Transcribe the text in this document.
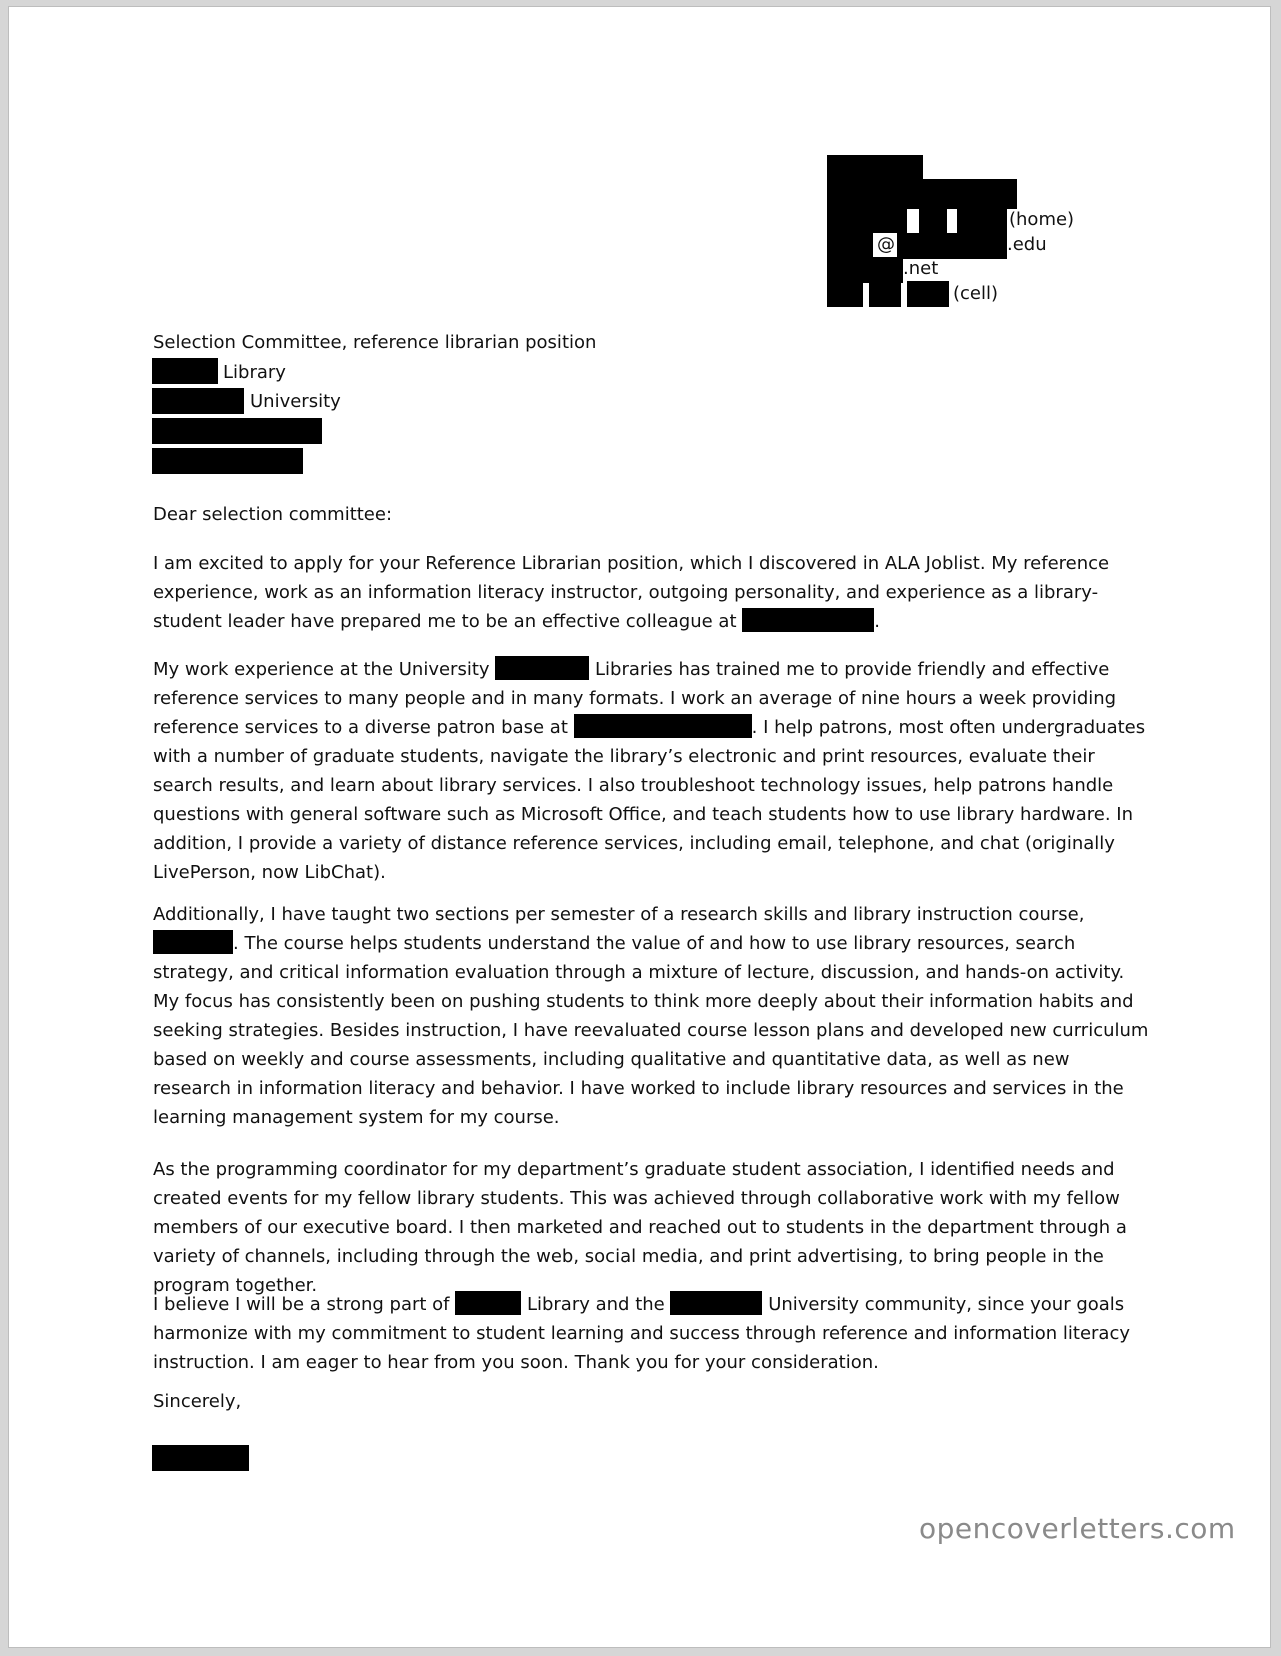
(home)
@	.edu
.net
(cell)
Selection Committee, reference librarian position
Library
University
Dear selection committee:
I am excited to apply for your Reference Librarian position, which I discovered in ALA Joblist. My reference experience, work as an information literacy instructor, outgoing personality, and experience as a library-student leader have prepared me to be an effective colleague at	.
My work experience at the University	Libraries has trained me to provide friendly and effective reference services to many people and in many formats. I work an average of nine hours a week providing reference services to a diverse patron base at	. I help patrons, most often undergraduates with a number of graduate students, navigate the library’s electronic and print resources, evaluate their search results, and learn about library services. I also troubleshoot technology issues, help patrons handle questions with general software such as Microsoft Office, and teach students how to use library hardware. In addition, I provide a variety of distance reference services, including email, telephone, and chat (originally LivePerson, now LibChat).
Additionally, I have taught two sections per semester of a research skills and library instruction course, . The course helps students understand the value of and how to use library resources, search strategy, and critical information evaluation through a mixture of lecture, discussion, and hands-on activity. My focus has consistently been on pushing students to think more deeply about their information habits and seeking strategies. Besides instruction, I have reevaluated course lesson plans and developed new curriculum based on weekly and course assessments, including qualitative and quantitative data, as well as new research in information literacy and behavior. I have worked to include library resources and services in the learning management system for my course.
As the programming coordinator for my department’s graduate student association, I identified needs and created events for my fellow library students. This was achieved through collaborative work with my fellow members of our executive board. I then marketed and reached out to students in the department through a variety of channels, including through the web, social media, and print advertising, to bring people in the program together.
I believe I will be a strong part of	Library and the	University community, since your goals harmonize with my commitment to student learning and success through reference and information literacy instruction. I am eager to hear from you soon. Thank you for your consideration.
Sincerely,
opencoverletters.com
